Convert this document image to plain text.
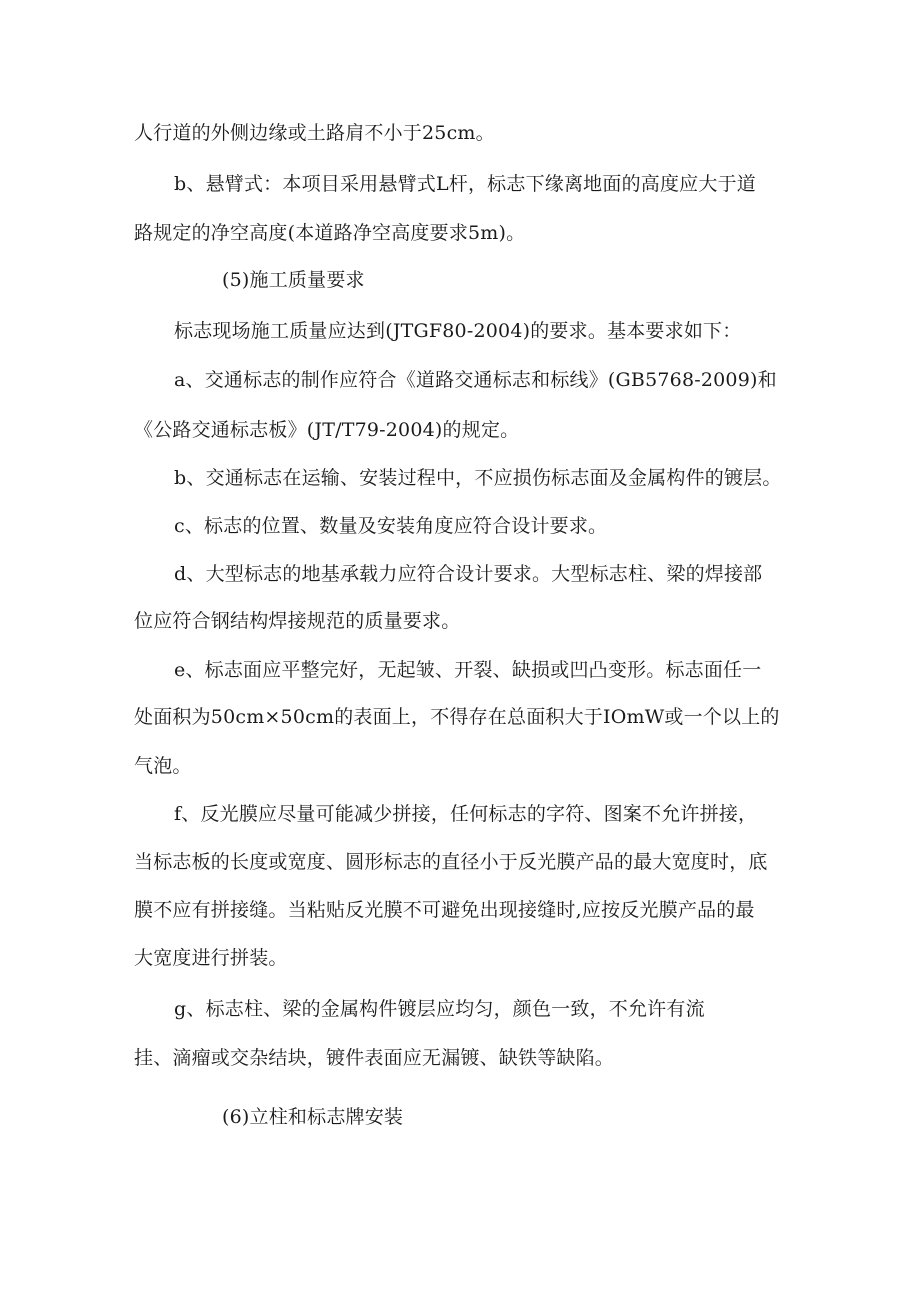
人行道的外侧边缘或土路肩不小于25cm。
b、悬臂式：本项目采用悬臂式L杆，标志下缘离地面的高度应大于道
路规定的净空高度(本道路净空高度要求5m)。
(5)施工质量要求
标志现场施工质量应达到(JTGF80-2004)的要求。基本要求如下：
a、交通标志的制作应符合《道路交通标志和标线》(GB5768-2009)和
《公路交通标志板》(JT/T79-2004)的规定。
b、交通标志在运输、安装过程中，不应损伤标志面及金属构件的镀层。
c、标志的位置、数量及安装角度应符合设计要求。
d、大型标志的地基承载力应符合设计要求。大型标志柱、梁的焊接部
位应符合钢结构焊接规范的质量要求。
e、标志面应平整完好，无起皱、开裂、缺损或凹凸变形。标志面任一
处面积为50cm×50cm的表面上，不得存在总面积大于IOmW或一个以上的
气泡。
f、反光膜应尽量可能减少拼接，任何标志的字符、图案不允许拼接，
当标志板的长度或宽度、圆形标志的直径小于反光膜产品的最大宽度时，底
膜不应有拼接缝。当粘贴反光膜不可避免出现接缝时,应按反光膜产品的最
大宽度进行拼装。
g、标志柱、梁的金属构件镀层应均匀，颜色一致，不允许有流
挂、滴瘤或交杂结块，镀件表面应无漏镀、缺铁等缺陷。
(6)立柱和标志牌安装
